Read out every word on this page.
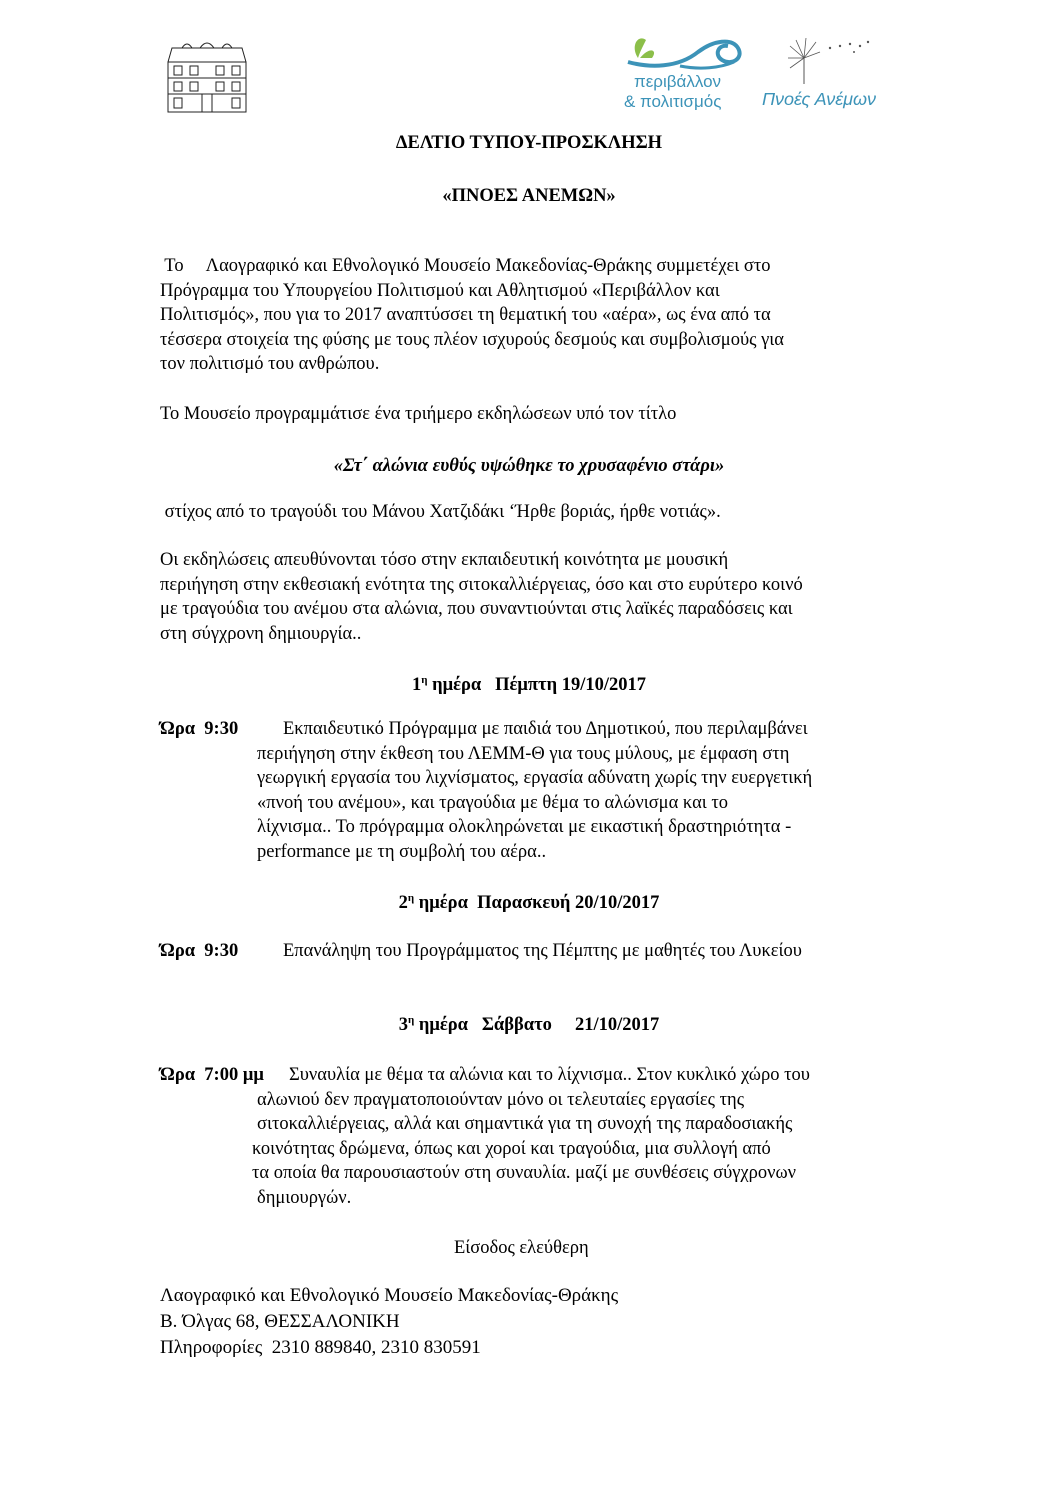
περιβάλλον
& πολιτισμός Πνοές Ανέμων
ΔΕΛΤΙΟ ΤΥΠΟΥ-ΠΡΟΣΚΛΗΣΗ
«ΠΝΟΕΣ ΑΝΕΜΩΝ»
Το     Λαογραφικό και Εθνολογικό Μουσείο Μακεδονίας-Θράκης συμμετέχει στο
Πρόγραμμα του Υπουργείου Πολιτισμού και Αθλητισμού «Περιβάλλον και
Πολιτισμός», που για το 2017 αναπτύσσει τη θεματική του «αέρα», ως ένα από τα
τέσσερα στοιχεία της φύσης με τους πλέον ισχυρούς δεσμούς και συμβολισμούς για
τον πολιτισμό του ανθρώπου.
Το Μουσείο προγραμμάτισε ένα τριήμερο εκδηλώσεων υπό τον τίτλο
«Στ΄ αλώνια ευθύς υψώθηκε το χρυσαφένιο στάρι»
στίχος από το τραγούδι του Μάνου Χατζιδάκι ‘Ήρθε βοριάς, ήρθε νοτιάς».
Οι εκδηλώσεις απευθύνονται τόσο στην εκπαιδευτική κοινότητα με μουσική
περιήγηση στην εκθεσιακή ενότητα της σιτοκαλλιέργειας, όσο και στο ευρύτερο κοινό
με τραγούδια του ανέμου στα αλώνια, που συναντιούνται στις λαϊκές παραδόσεις και
στη σύγχρονη δημιουργία..
$1^\eta$ ημέρα   Πέμπτη 19/10/2017
Ώρα  9:30 Εκπαιδευτικό Πρόγραμμα με παιδιά του Δημοτικού, που περιλαμβάνει
περιήγηση στην έκθεση του ΛΕΜΜ-Θ για τους μύλους, με έμφαση στη
γεωργική εργασία του λιχνίσματος, εργασία αδύνατη χωρίς την ευεργετική
«πνοή του ανέμου», και τραγούδια με θέμα το αλώνισμα και το
λίχνισμα.. Το πρόγραμμα ολοκληρώνεται με εικαστική δραστηριότητα -
performance με τη συμβολή του αέρα..
$2^\eta$ ημέρα  Παρασκευή 20/10/2017
Ώρα  9:30 Επανάληψη του Προγράμματος της Πέμπτης με μαθητές του Λυκείου
$3^\eta$ ημέρα   Σάββατο     21/10/2017
Ώρα  7:00 μμ Συναυλία με θέμα τα αλώνια και το λίχνισμα.. Στον κυκλικό χώρο του
αλωνιού δεν πραγματοποιούνταν μόνο οι τελευταίες εργασίες της
σιτοκαλλιέργειας, αλλά και σημαντικά για τη συνοχή της παραδοσιακής
κοινότητας δρώμενα, όπως και χοροί και τραγούδια, μια συλλογή από
τα οποία θα παρουσιαστούν στη συναυλία. μαζί με συνθέσεις σύγχρονων
δημιουργών.
Είσοδος ελεύθερη
Λαογραφικό και Εθνολογικό Μουσείο Μακεδονίας-Θράκης
Β. Όλγας 68, ΘΕΣΣΑΛΟΝΙΚΗ
Πληροφορίες  2310 889840, 2310 830591
